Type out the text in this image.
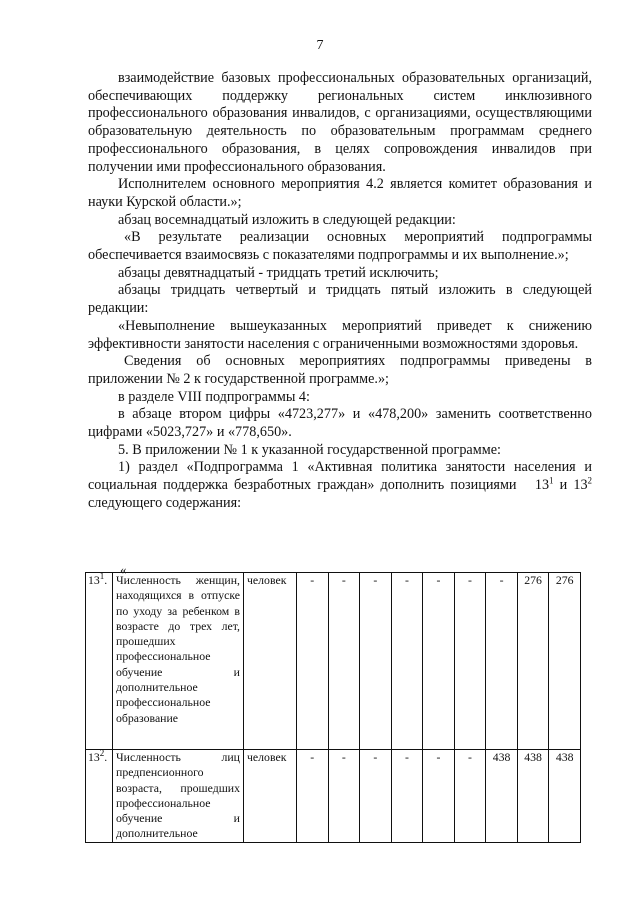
7

взаимодействие базовых профессиональных образовательных организаций, обеспечивающих поддержку региональных систем инклюзивного профессионального образования инвалидов, с организациями, осуществляющими образовательную деятельность по образовательным программам среднего профессионального образования, в целях сопровождения инвалидов при получении ими профессионального образования.

Исполнителем основного мероприятия 4.2 является комитет образования и науки Курской области.»;

абзац восемнадцатый изложить в следующей редакции:

«В результате реализации основных мероприятий подпрограммы обеспечивается взаимосвязь с показателями подпрограммы и их выполнение.»;

абзацы девятнадцатый - тридцать третий исключить;

абзацы тридцать четвертый и тридцать пятый изложить в следующей редакции:

«Невыполнение вышеуказанных мероприятий приведет к снижению эффективности занятости населения с ограниченными возможностями здоровья.

Сведения об основных мероприятиях подпрограммы приведены в приложении № 2 к государственной программе.»;

в разделе VIII подпрограммы 4:

в абзаце втором цифры «4723,277» и «478,200» заменить соответственно цифрами «5023,727» и «778,650».

5. В приложении № 1 к указанной государственной программе:

1) раздел «Подпрограмма 1 «Активная политика занятости населения и социальная поддержка безработных граждан» дополнить позициями $13^1$ и $13^2$ следующего содержания:

«
$13^1$.	Численность женщин, находящихся в отпуске по уходу за ребенком в возрасте до трех лет, прошедших профессиональное обучение и дополнительное профессиональное образование	человек	-	-	-	-	-	-	-	276	276
$13^2$.	Численность лиц предпенсионного возраста, прошедших профессиональное обучение и дополнительное	человек	-	-	-	-	-	-	438	438	438
